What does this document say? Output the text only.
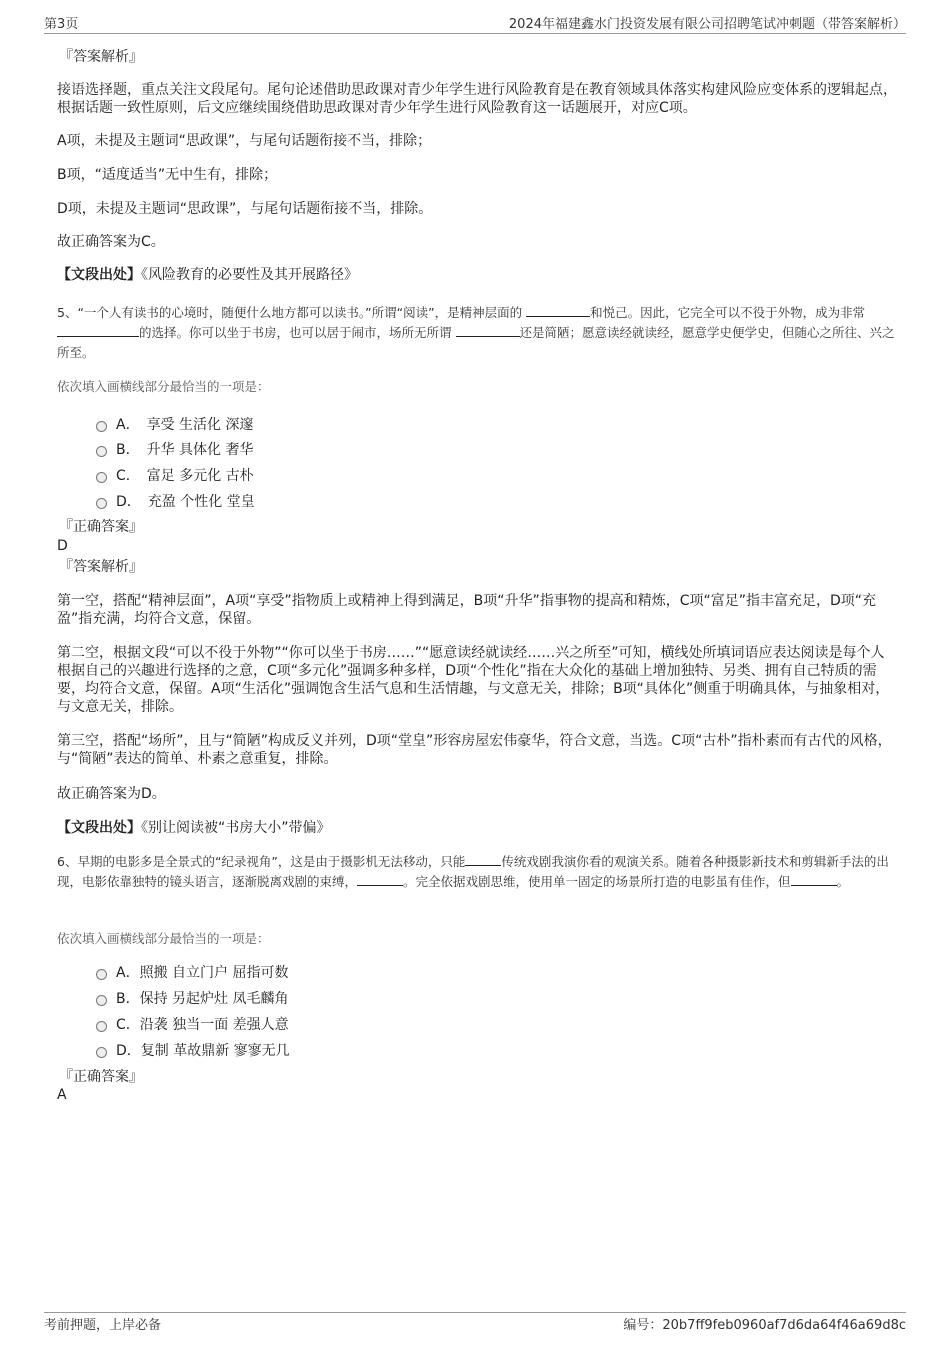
第3页	2024年福建鑫水门投资发展有限公司招聘笔试冲刺题（带答案解析）
『答案解析』
接语选择题，重点关注文段尾句。尾句论述借助思政课对青少年学生进行风险教育是在教育领域具体落实构建风险应变体系的逻辑起点，根据话题一致性原则，后文应继续围绕借助思政课对青少年学生进行风险教育这一话题展开，对应C项。
A项，未提及主题词“思政课”，与尾句话题衔接不当，排除；
B项，“适度适当”无中生有，排除；
D项，未提及主题词“思政课”，与尾句话题衔接不当，排除。
故正确答案为C。
【文段出处】《风险教育的必要性及其开展路径》
5、“一个人有读书的心境时，随便什么地方都可以读书。”所谓“阅读”，是精神层面的	和悦己。因此，它完全可以不役于外物，成为非常 的选择。你可以坐于书房，也可以居于闹市，场所无所谓	还是简陋；愿意读经就读经，愿意学史便学史，但随心之所往、兴之所至。
依次填入画横线部分最恰当的一项是：
A．　享受 生活化 深邃
B．　升华 具体化 奢华
C．　富足 多元化 古朴
D．　充盈 个性化 堂皇
『正确答案』
D
『答案解析』
第一空，搭配“精神层面”，A项“享受”指物质上或精神上得到满足，B项“升华”指事物的提高和精炼，C项“富足”指丰富充足，D项“充盈”指充满，均符合文意，保留。
第二空，根据文段“可以不役于外物”“你可以坐于书房……”“愿意读经就读经……兴之所至”可知，横线处所填词语应表达阅读是每个人根据自己的兴趣进行选择的之意，C项“多元化”强调多种多样，D项“个性化”指在大众化的基础上增加独特、另类、拥有自己特质的需要，均符合文意，保留。A项“生活化”强调饱含生活气息和生活情趣，与文意无关，排除；B项“具体化”侧重于明确具体，与抽象相对，与文意无关，排除。
第三空，搭配“场所”，且与“简陋”构成反义并列，D项“堂皇”形容房屋宏伟豪华，符合文意，当选。C项“古朴”指朴素而有古代的风格，与“简陋”表达的简单、朴素之意重复，排除。
故正确答案为D。
【文段出处】《别让阅读被“书房大小”带偏》
6、早期的电影多是全景式的“纪录视角”，这是由于摄影机无法移动，只能	传统戏剧我演你看的观演关系。随着各种摄影新技术和剪辑新手法的出现，电影依靠独特的镜头语言，逐渐脱离戏剧的束缚，	。完全依据戏剧思维，使用单一固定的场景所打造的电影虽有佳作，但	。
依次填入画横线部分最恰当的一项是：
A．照搬 自立门户 屈指可数
B．保持 另起炉灶 凤毛麟角
C．沿袭 独当一面 差强人意
D．复制 革故鼎新 寥寥无几
『正确答案』
A
考前押题，上岸必备	编号：20b7ff9feb0960af7d6da64f46a69d8c
